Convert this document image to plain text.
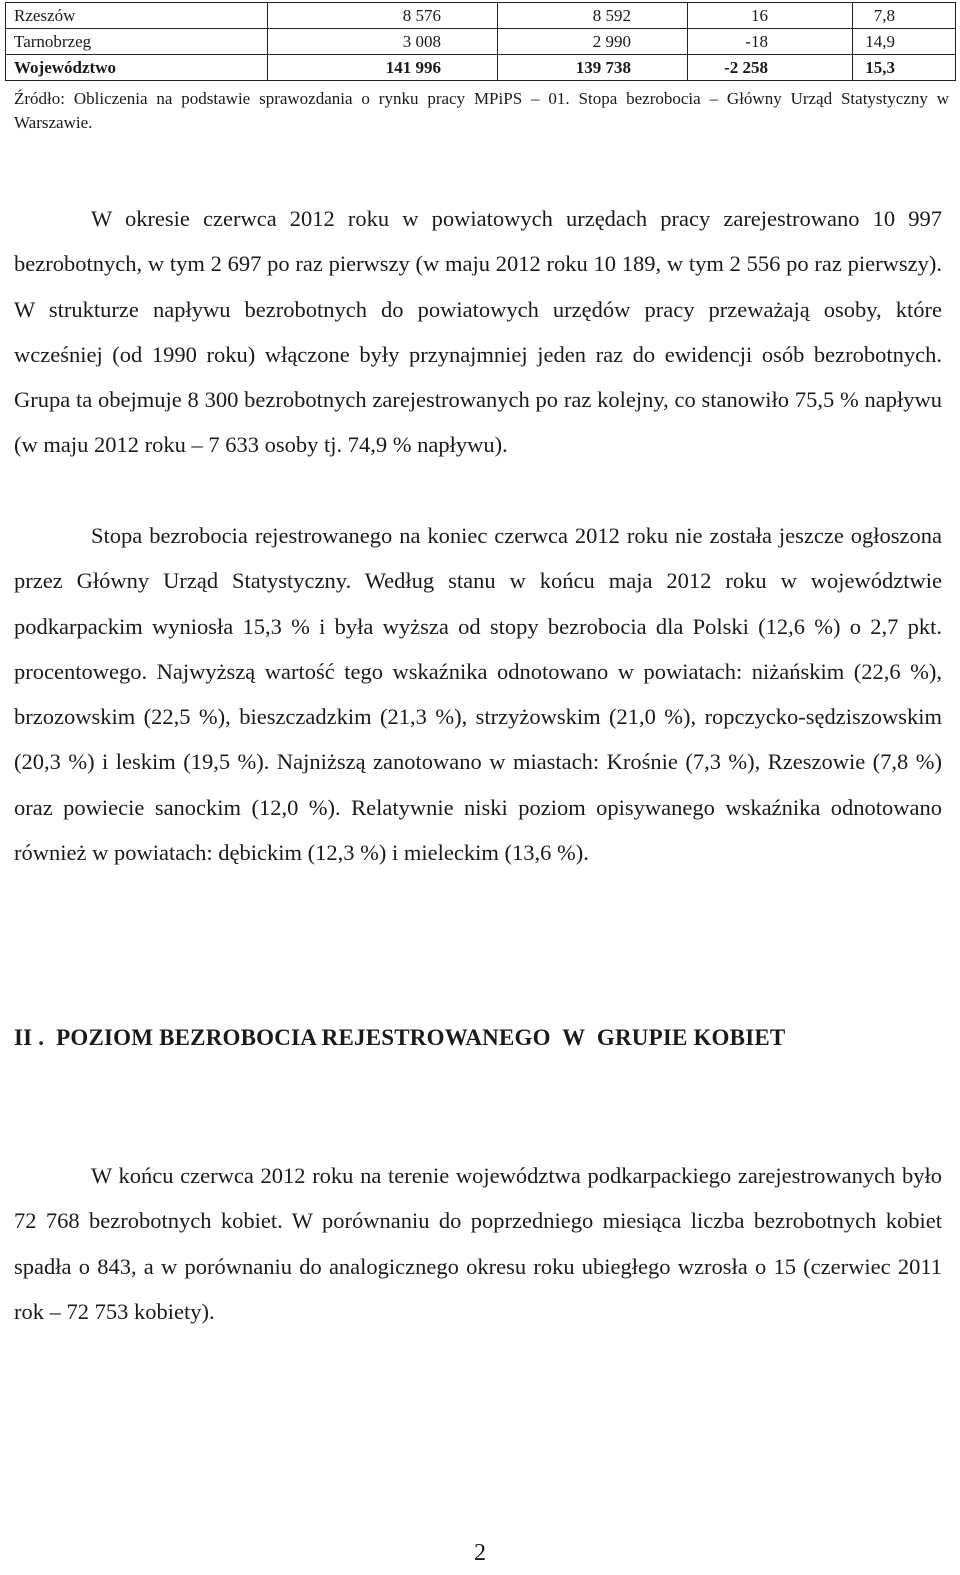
Rzeszów	8 576	8 592	16	7,8
Tarnobrzeg	3 008	2 990	-18	14,9
Województwo	141 996	139 738	-2 258	15,3
Źródło: Obliczenia na podstawie sprawozdania o rynku pracy MPiPS – 01. Stopa bezrobocia – Główny Urząd Statystyczny w Warszawie.

W okresie czerwca 2012 roku w powiatowych urzędach pracy zarejestrowano 10 997 bezrobotnych, w tym 2 697 po raz pierwszy (w maju 2012 roku 10 189, w tym 2 556 po raz pierwszy). W strukturze napływu bezrobotnych do powiatowych urzędów pracy przeważają osoby, które wcześniej (od 1990 roku) włączone były przynajmniej jeden raz do ewidencji osób bezrobotnych. Grupa ta obejmuje 8 300 bezrobotnych zarejestrowanych po raz kolejny, co stanowiło 75,5 % napływu (w maju 2012 roku – 7 633 osoby tj. 74,9 % napływu).

Stopa bezrobocia rejestrowanego na koniec czerwca 2012 roku nie została jeszcze ogłoszona przez Główny Urząd Statystyczny. Według stanu w końcu maja 2012 roku w województwie podkarpackim wyniosła 15,3 % i była wyższa od stopy bezrobocia dla Polski (12,6 %) o 2,7 pkt. procentowego. Najwyższą wartość tego wskaźnika odnotowano w powiatach: niżańskim (22,6 %), brzozowskim (22,5 %), bieszczadzkim (21,3 %), strzyżowskim (21,0 %), ropczycko-sędziszowskim (20,3 %) i leskim (19,5 %). Najniższą zanotowano w miastach: Krośnie (7,3 %), Rzeszowie (7,8 %) oraz powiecie sanockim (12,0 %). Relatywnie niski poziom opisywanego wskaźnika odnotowano również w powiatach: dębickim (12,3 %) i mieleckim (13,6 %).

II .  POZIOM BEZROBOCIA REJESTROWANEGO  W  GRUPIE KOBIET

W końcu czerwca 2012 roku na terenie województwa podkarpackiego zarejestrowanych było 72 768 bezrobotnych kobiet. W porównaniu do poprzedniego miesiąca liczba bezrobotnych kobiet spadła o 843, a w porównaniu do analogicznego okresu roku ubiegłego wzrosła o 15 (czerwiec 2011 rok – 72 753 kobiety).

2
